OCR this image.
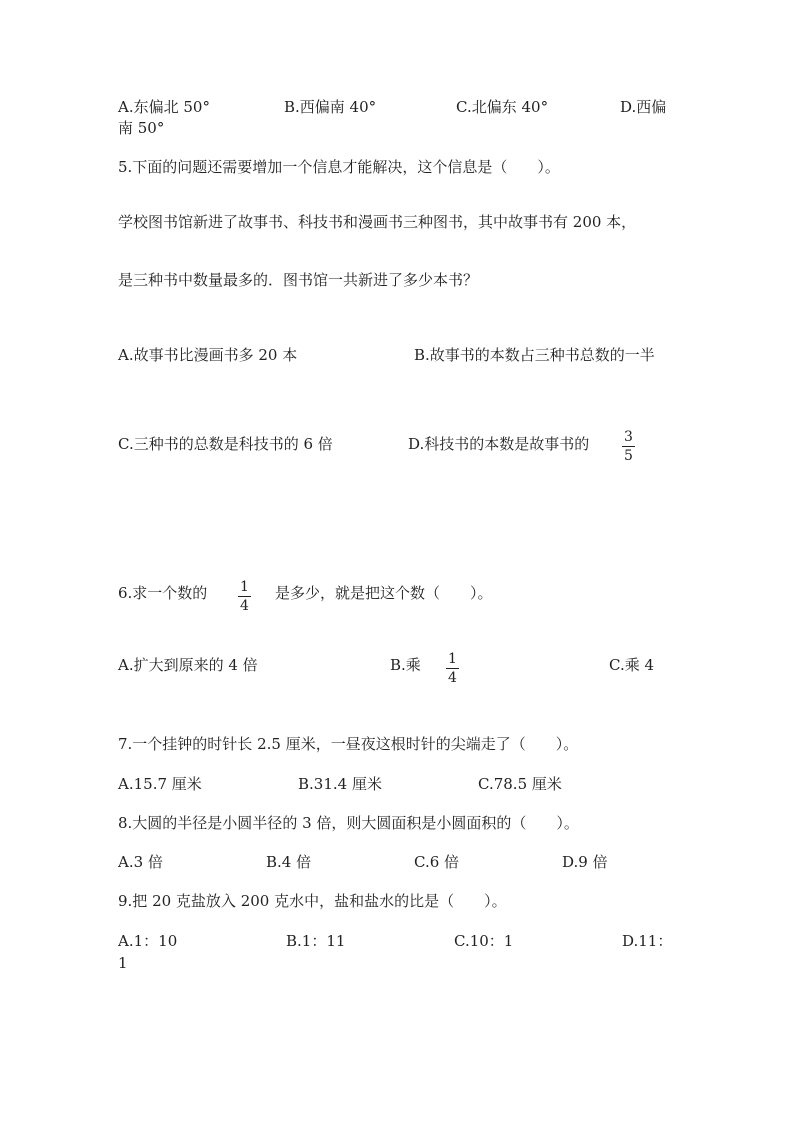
A.东偏北 50°	B.西偏南 40°	C.北偏东 40°	D.西偏
南 50°
5.下面的问题还需要增加一个信息才能解决，这个信息是（　　）。
学校图书馆新进了故事书、科技书和漫画书三种图书，其中故事书有 200 本，
是三种书中数量最多的．图书馆一共新进了多少本书？
A.故事书比漫画书多 20 本	B.故事书的本数占三种书总数的一半
C.三种书的总数是科技书的 6 倍	D.科技书的本数是故事书的 $\frac{3}{5}$
6.求一个数的 $\frac{1}{4}$ 是多少，就是把这个数（　　）。
A.扩大到原来的 4 倍	B.乘 $\frac{1}{4}$	C.乘 4
7.一个挂钟的时针长 2.5 厘米，一昼夜这根时针的尖端走了（　　）。
A.15.7 厘米	B.31.4 厘米	C.78.5 厘米
8.大圆的半径是小圆半径的 3 倍，则大圆面积是小圆面积的（　　）。
A.3 倍	B.4 倍	C.6 倍	D.9 倍
9.把 20 克盐放入 200 克水中，盐和盐水的比是（　　）。
A.1：10	B.1：11	C.10：1	D.11：
1
